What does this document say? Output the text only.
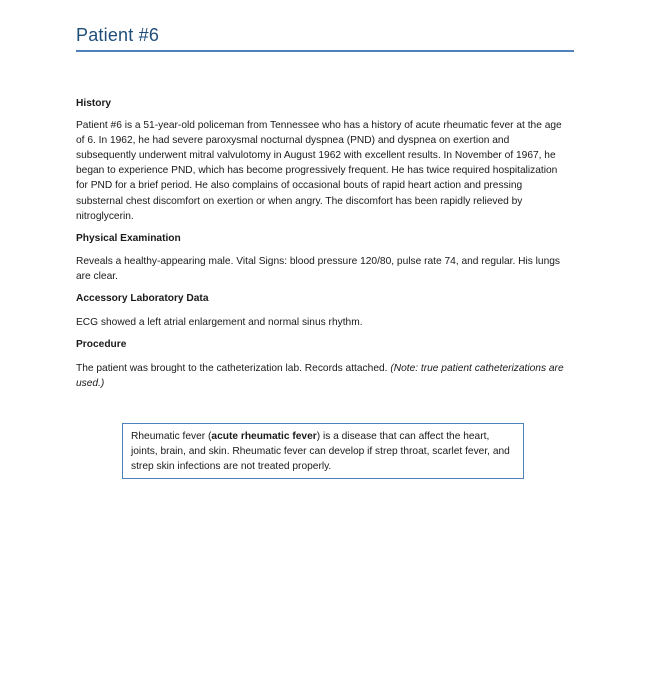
Patient #6

History

Patient #6 is a 51-year-old policeman from Tennessee who has a history of acute rheumatic fever at the age of 6. In 1962, he had severe paroxysmal nocturnal dyspnea (PND) and dyspnea on exertion and subsequently underwent mitral valvulotomy in August 1962 with excellent results. In November of 1967, he began to experience PND, which has become progressively frequent. He has twice required hospitalization for PND for a brief period. He also complains of occasional bouts of rapid heart action and pressing substernal chest discomfort on exertion or when angry. The discomfort has been rapidly relieved by nitroglycerin.

Physical Examination

Reveals a healthy-appearing male. Vital Signs: blood pressure 120/80, pulse rate 74, and regular. His lungs are clear.

Accessory Laboratory Data

ECG showed a left atrial enlargement and normal sinus rhythm.

Procedure

The patient was brought to the catheterization lab. Records attached. (Note: true patient catheterizations are used.)

Rheumatic fever (acute rheumatic fever) is a disease that can affect the heart, joints, brain, and skin. Rheumatic fever can develop if strep throat, scarlet fever, and strep skin infections are not treated properly.
